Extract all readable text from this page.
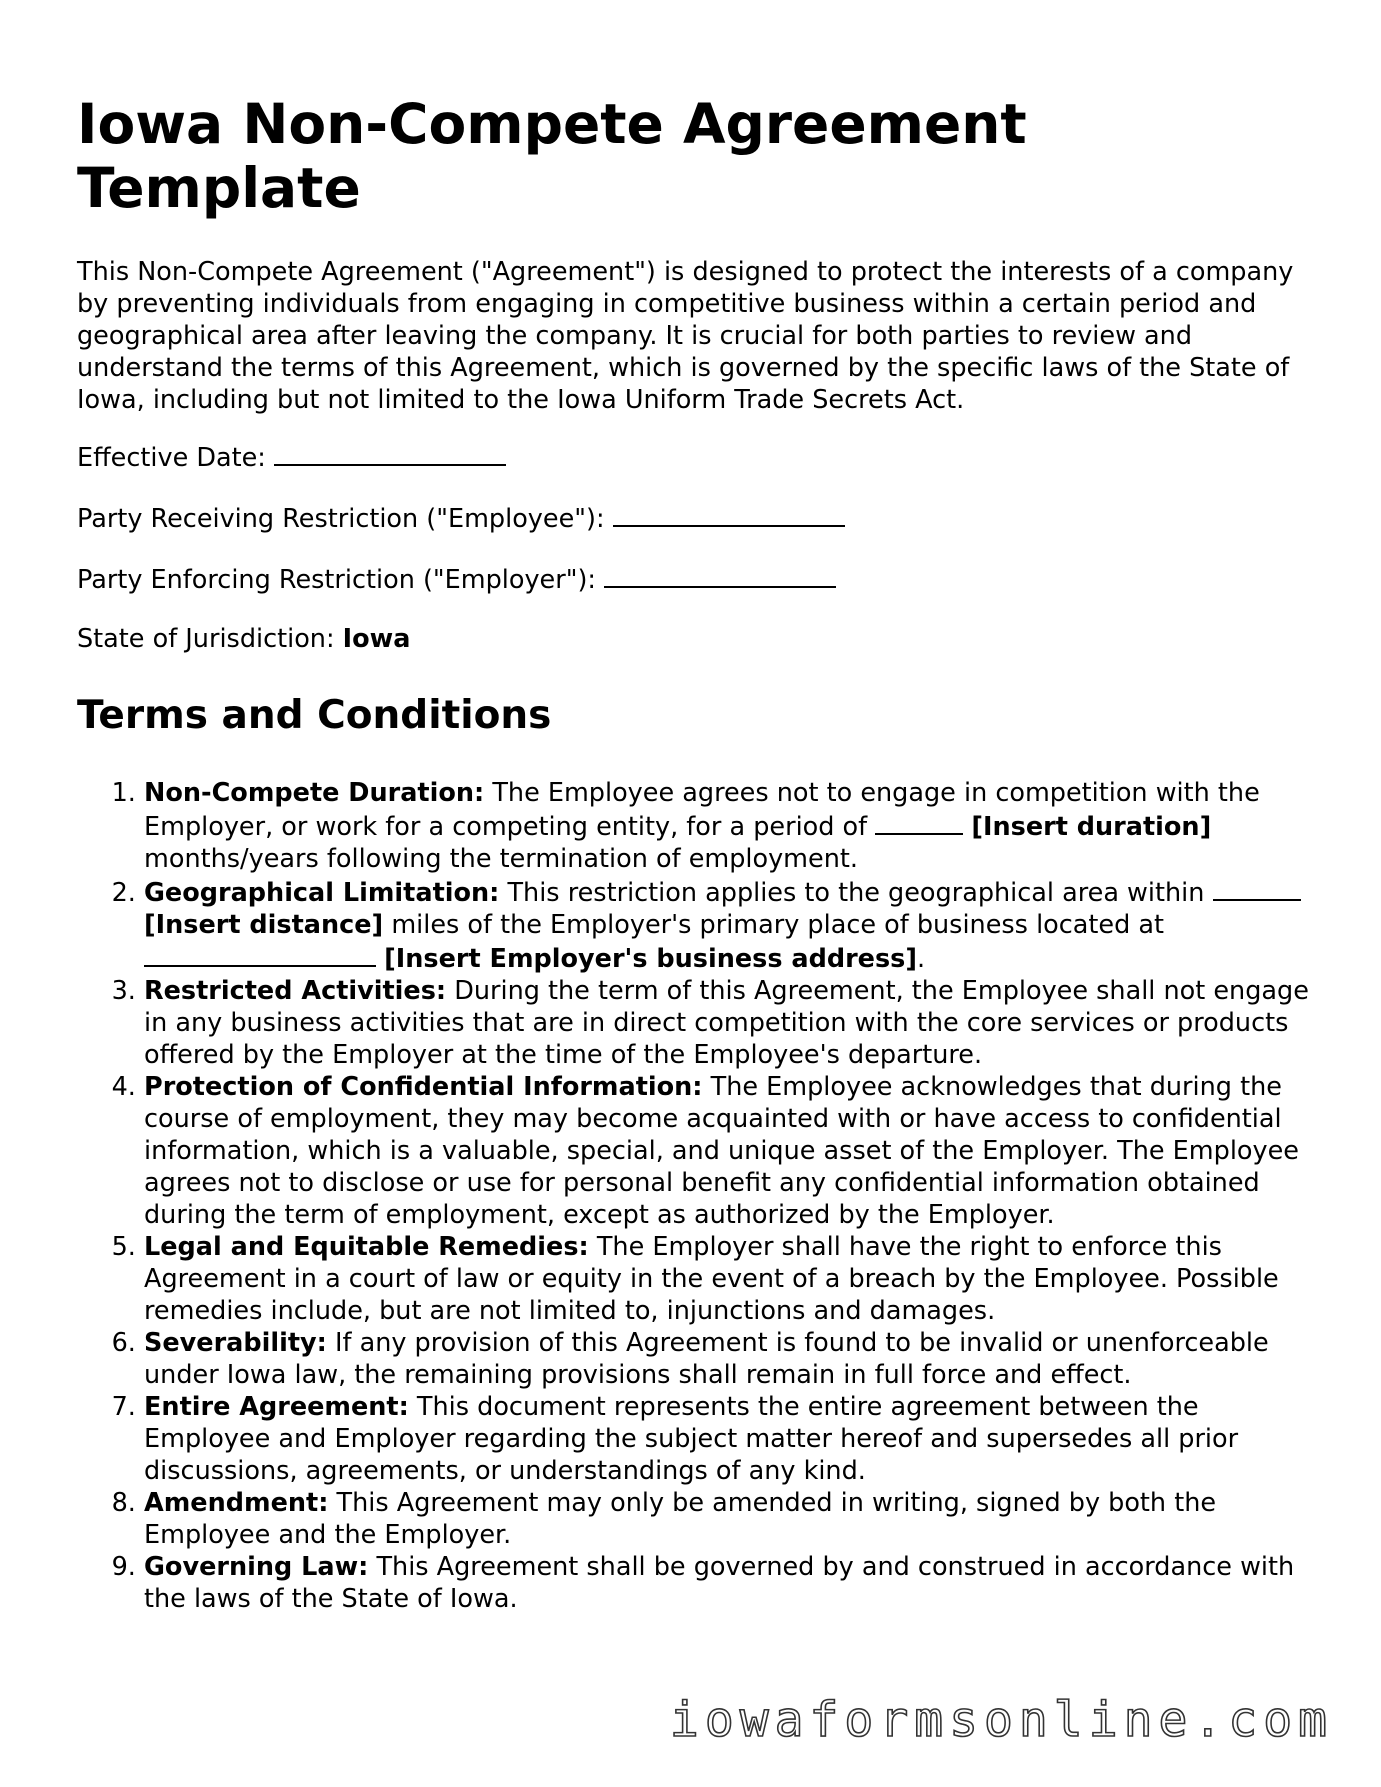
Iowa Non-Compete Agreement Template

This Non-Compete Agreement ("Agreement") is designed to protect the interests of a company by preventing individuals from engaging in competitive business within a certain period and geographical area after leaving the company. It is crucial for both parties to review and understand the terms of this Agreement, which is governed by the specific laws of the State of Iowa, including but not limited to the Iowa Uniform Trade Secrets Act.

Effective Date:

Party Receiving Restriction ("Employee"):

Party Enforcing Restriction ("Employer"):

State of Jurisdiction: Iowa

Terms and Conditions
1. Non-Compete Duration: The Employee agrees not to engage in competition with the Employer, or work for a competing entity, for a period of	[Insert duration] months/years following the termination of employment.
2. Geographical Limitation: This restriction applies to the geographical area within  [Insert distance] miles of the Employer's primary place of business located at  [Insert Employer's business address].
3. Restricted Activities: During the term of this Agreement, the Employee shall not engage in any business activities that are in direct competition with the core services or products offered by the Employer at the time of the Employee's departure.
4. Protection of Confidential Information: The Employee acknowledges that during the course of employment, they may become acquainted with or have access to confidential information, which is a valuable, special, and unique asset of the Employer. The Employee agrees not to disclose or use for personal benefit any confidential information obtained during the term of employment, except as authorized by the Employer.
5. Legal and Equitable Remedies: The Employer shall have the right to enforce this Agreement in a court of law or equity in the event of a breach by the Employee. Possible remedies include, but are not limited to, injunctions and damages.
6. Severability: If any provision of this Agreement is found to be invalid or unenforceable under Iowa law, the remaining provisions shall remain in full force and effect.
7. Entire Agreement: This document represents the entire agreement between the Employee and Employer regarding the subject matter hereof and supersedes all prior discussions, agreements, or understandings of any kind.
8. Amendment: This Agreement may only be amended in writing, signed by both the Employee and the Employer.
9. Governing Law: This Agreement shall be governed by and construed in accordance with the laws of the State of Iowa.
iowaformsonline.com
